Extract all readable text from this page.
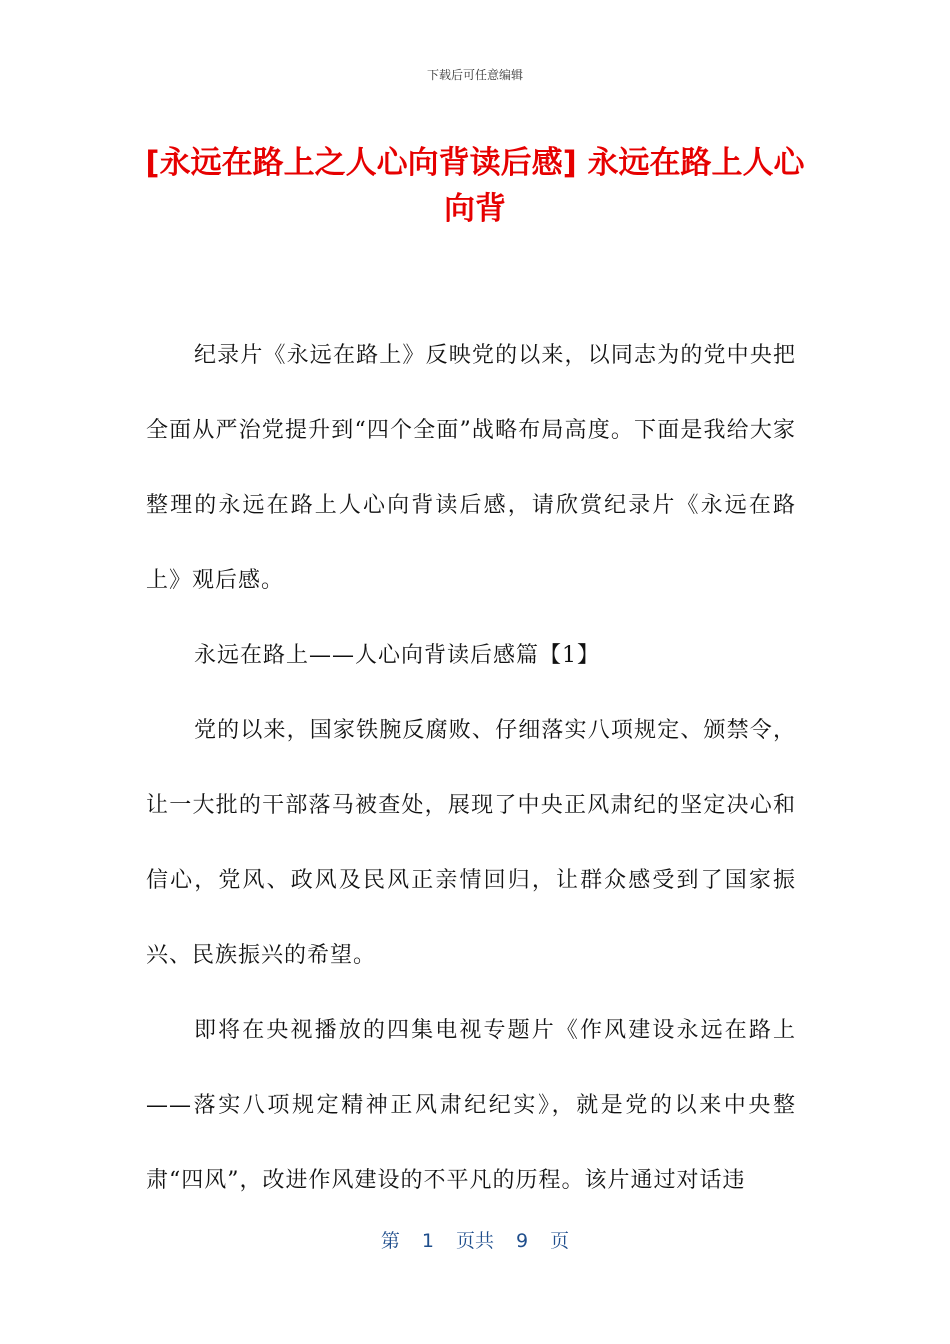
下载后可任意编辑
[永远在路上之人心向背读后感] 永远在路上人心向背

纪录片《永远在路上》反映党的以来，以同志为的党中央把全面从严治党提升到“四个全面”战略布局高度。下面是我给大家整理的永远在路上人心向背读后感，请欣赏纪录片《永远在路上》观后感。

永远在路上——人心向背读后感篇【1】

党的以来，国家铁腕反腐败、仔细落实八项规定、颁禁令，让一大批的干部落马被查处，展现了中央正风肃纪的坚定决心和信心，党风、政风及民风正亲情回归，让群众感受到了国家振兴、民族振兴的希望。

即将在央视播放的四集电视专题片《作风建设永远在路上——落实八项规定精神正风肃纪纪实》，就是党的以来中央整肃“四风”，改进作风建设的不平凡的历程。该片通过对话违

第 1 页共 9 页
